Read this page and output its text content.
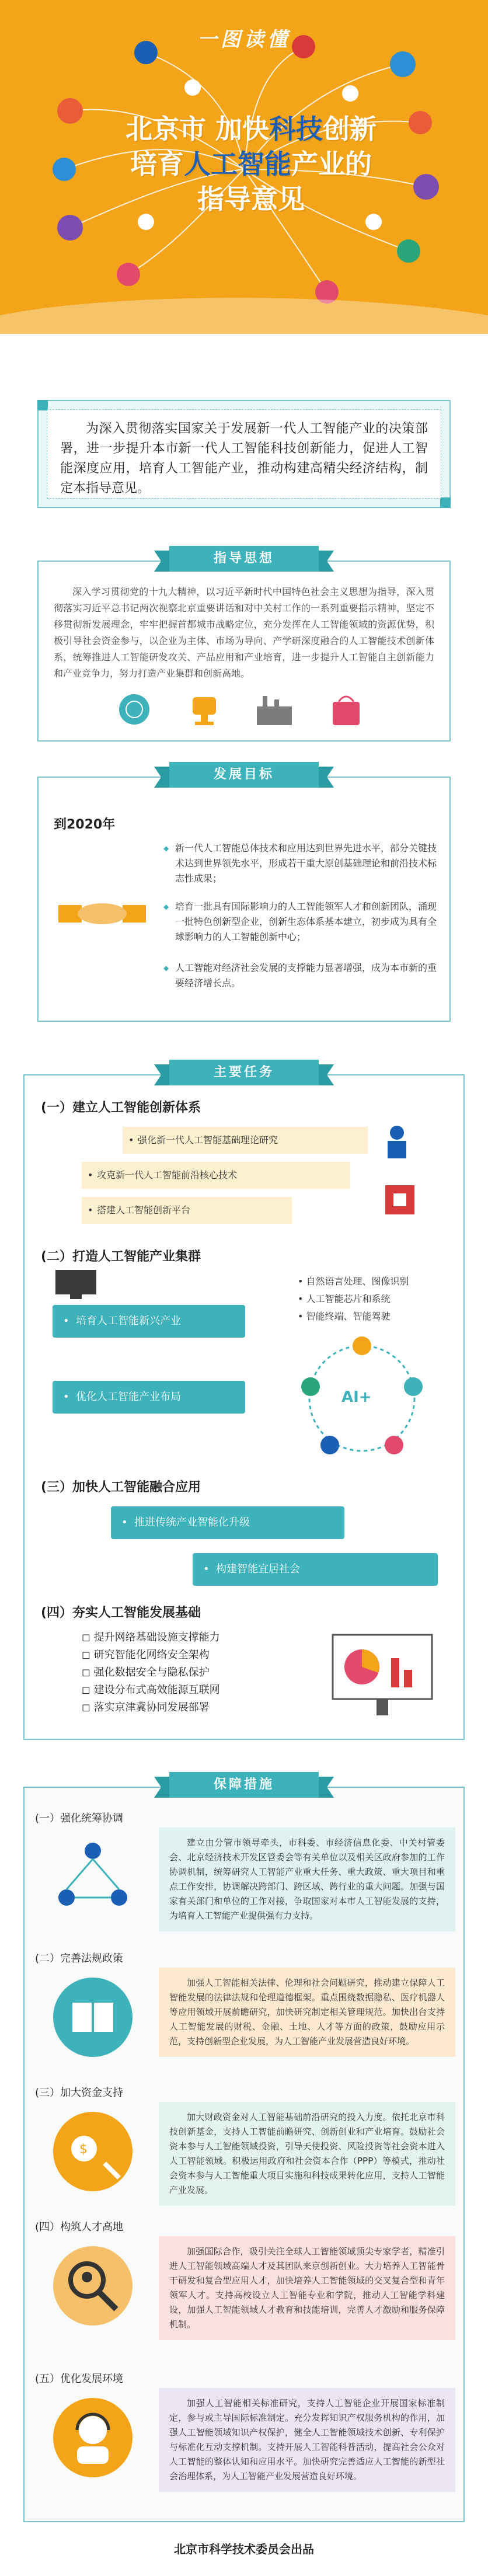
一图读懂
北京市 加快科技创新
培育人工智能产业的
指导意见
为深入贯彻落实国家关于发展新一代人工智能产业的决策部署，进一步提升本市新一代人工智能科技创新能力，促进人工智能深度应用，培育人工智能产业，推动构建高精尖经济结构，制定本指导意见。
指导思想
深入学习贯彻党的十九大精神，以习近平新时代中国特色社会主义思想为指导，深入贯彻落实习近平总书记两次视察北京重要讲话和对中关村工作的一系列重要指示精神，坚定不移贯彻新发展理念，牢牢把握首都城市战略定位，充分发挥在人工智能领域的资源优势，积极引导社会资金参与，以企业为主体、市场为导向、产学研深度融合的人工智能技术创新体系，统筹推进人工智能研发攻关、产品应用和产业培育，进一步提升人工智能自主创新能力和产业竞争力，努力打造产业集群和创新高地。
发展目标
到2020年
◆ 新一代人工智能总体技术和应用达到世界先进水平，部分关键技术达到世界领先水平，形成若干重大原创基础理论和前沿技术标志性成果；
◆ 培育一批具有国际影响力的人工智能领军人才和创新团队，涌现一批特色创新型企业，创新生态体系基本建立，初步成为具有全球影响力的人工智能创新中心；
◆ 人工智能对经济社会发展的支撑能力显著增强，成为本市新的重要经济增长点。
主要任务
(一）建立人工智能创新体系
• 强化新一代人工智能基础理论研究
• 攻克新一代人工智能前沿核心技术
• 搭建人工智能创新平台
(二）打造人工智能产业集群
• 培育人工智能新兴产业
• 优化人工智能产业布局
• 自然语言处理、图像识别
• 人工智能芯片和系统
• 智能终端、智能驾驶
AI+
(三）加快人工智能融合应用
• 推进传统产业智能化升级
• 构建智能宜居社会
(四）夯实人工智能发展基础
◻ 提升网络基础设施支撑能力
◻ 研究智能化网络安全架构
◻ 强化数据安全与隐私保护
◻ 建设分布式高效能源互联网
◻ 落实京津冀协同发展部署
保障措施
(一）强化统筹协调
建立由分管市领导牵头，市科委、市经济信息化委、中关村管委会、北京经济技术开发区管委会等有关单位以及相关区政府参加的工作协调机制，统筹研究人工智能产业重大任务、重大政策、重大项目和重点工作安排，协调解决跨部门、跨区域、跨行业的重大问题。加强与国家有关部门和单位的工作对接，争取国家对本市人工智能发展的支持，为培育人工智能产业提供强有力支持。
(二）完善法规政策
加强人工智能相关法律、伦理和社会问题研究，推动建立保障人工智能发展的法律法规和伦理道德框架。重点围绕数据隐私、医疗机器人等应用领域开展前瞻研究，加快研究制定相关管理规范。加快出台支持人工智能发展的财税、金融、土地、人才等方面的政策，鼓励应用示范，支持创新型企业发展，为人工智能产业发展营造良好环境。
(三）加大资金支持
$
加大财政资金对人工智能基础前沿研究的投入力度。依托北京市科技创新基金，支持人工智能前瞻研究、创新创业和产业培育。鼓励社会资本参与人工智能领域投资，引导天使投资、风险投资等社会资本进入人工智能领域。积极运用政府和社会资本合作（PPP）等模式，推动社会资本参与人工智能重大项目实施和科技成果转化应用，支持人工智能产业发展。
(四）构筑人才高地
加强国际合作，吸引关注全球人工智能领域顶尖专家学者，精准引进人工智能领域高端人才及其团队来京创新创业。大力培养人工智能骨干研发和复合型应用人才，加快培养人工智能领域的交叉复合型和青年领军人才。支持高校设立人工智能专业和学院，推动人工智能学科建设，加强人工智能领域人才教育和技能培训，完善人才激励和服务保障机制。
(五）优化发展环境
加强人工智能相关标准研究，支持人工智能企业开展国家标准制定，参与或主导国际标准制定。充分发挥知识产权服务机构的作用，加强人工智能领域知识产权保护，健全人工智能领域技术创新、专利保护与标准化互动支撑机制。支持开展人工智能科普活动，提高社会公众对人工智能的整体认知和应用水平。加快研究完善适应人工智能的新型社会治理体系，为人工智能产业发展营造良好环境。
北京市科学技术委员会出品
